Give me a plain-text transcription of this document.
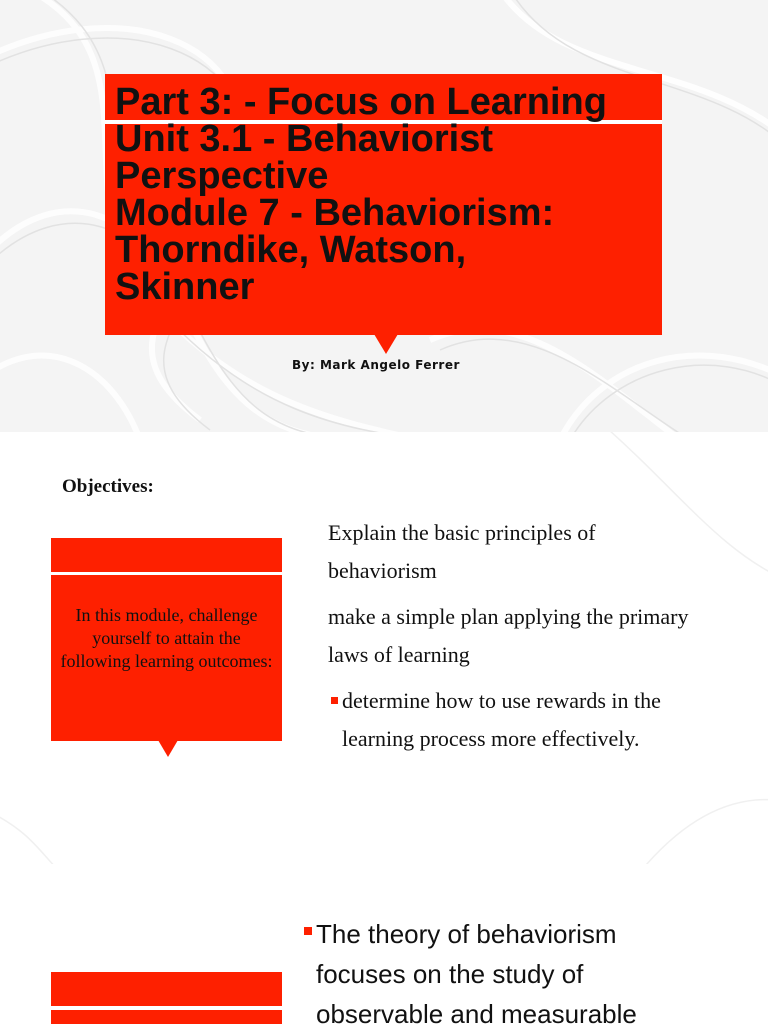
Part 3: - Focus on Learning
Unit 3.1 - Behaviorist
Perspective
Module 7 - Behaviorism:
Thorndike, Watson,
Skinner
By: Mark Angelo Ferrer
Objectives:
In this module, challenge yourself to attain the following learning outcomes:
Explain the basic principles of behaviorism
make a simple plan applying the primary laws of learning
determine how to use rewards in the learning process more effectively.
The theory of behaviorism
focuses on the study of
observable and measurable
